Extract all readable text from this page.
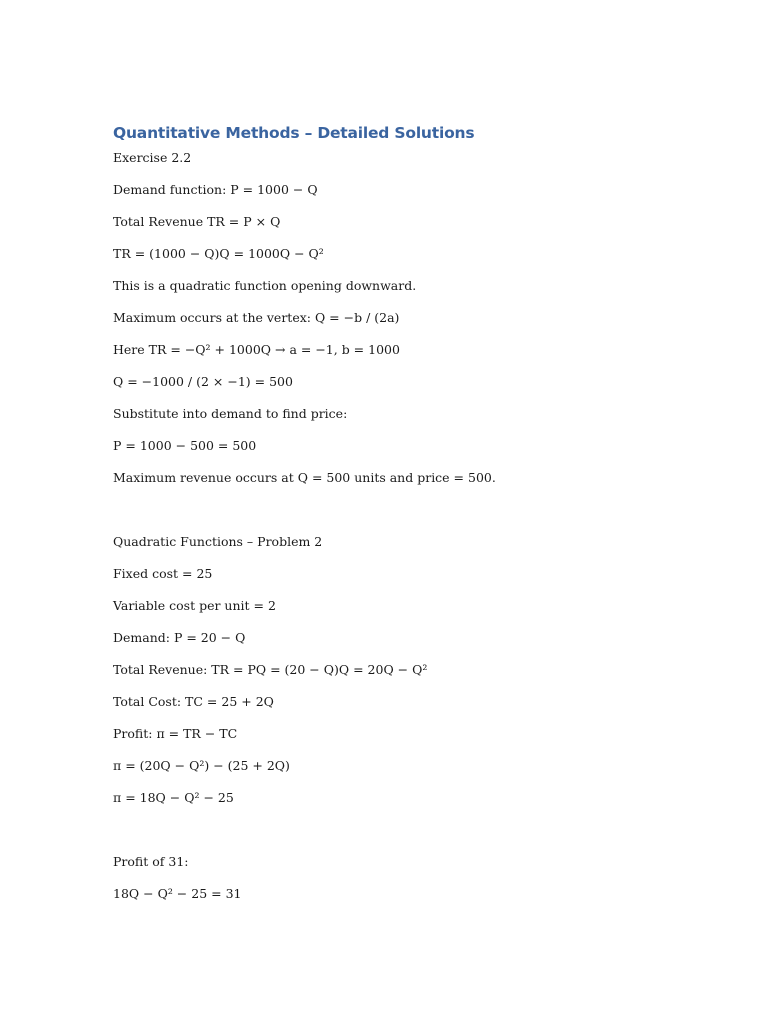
Quantitative Methods – Detailed Solutions

Exercise 2.2

Demand function: P = 1000 − Q

Total Revenue TR = P × Q

TR = (1000 − Q)Q = 1000Q − Q²

This is a quadratic function opening downward.

Maximum occurs at the vertex: Q = −b / (2a)

Here TR = −Q² + 1000Q → a = −1, b = 1000

Q = −1000 / (2 × −1) = 500

Substitute into demand to find price:

P = 1000 − 500 = 500

Maximum revenue occurs at Q = 500 units and price = 500.

Quadratic Functions – Problem 2

Fixed cost = 25

Variable cost per unit = 2

Demand: P = 20 − Q

Total Revenue: TR = PQ = (20 − Q)Q = 20Q − Q²

Total Cost: TC = 25 + 2Q

Profit: π = TR − TC

π = (20Q − Q²) − (25 + 2Q)

π = 18Q − Q² − 25

Profit of 31:

18Q − Q² − 25 = 31
